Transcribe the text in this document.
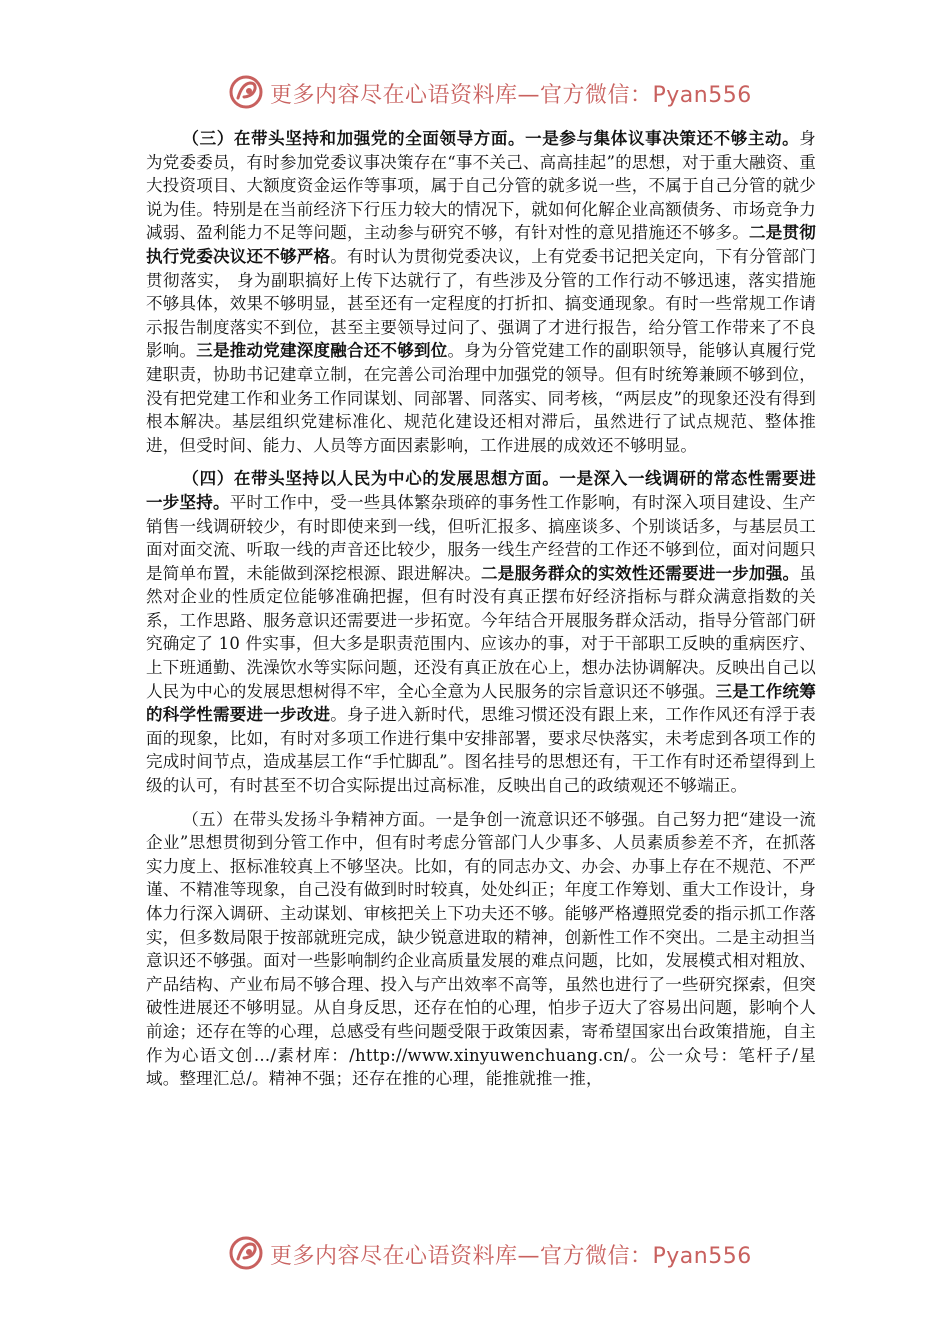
更多内容尽在心语资料库—官方微信：Pyan556

（三）在带头坚持和加强党的全面领导方面。一是参与集体议事决策还不够主动。身为党委委员，有时参加党委议事决策存在“事不关己、高高挂起”的思想，对于重大融资、重大投资项目、大额度资金运作等事项，属于自己分管的就多说一些，不属于自己分管的就少说为佳。特别是在当前经济下行压力较大的情况下，就如何化解企业高额债务、市场竞争力减弱、盈利能力不足等问题，主动参与研究不够，有针对性的意见措施还不够多。二是贯彻执行党委决议还不够严格。有时认为贯彻党委决议，上有党委书记把关定向，下有分管部门贯彻落实， 身为副职搞好上传下达就行了，有些涉及分管的工作行动不够迅速，落实措施不够具体，效果不够明显，甚至还有一定程度的打折扣、搞变通现象。有时一些常规工作请示报告制度落实不到位，甚至主要领导过问了、强调了才进行报告，给分管工作带来了不良影响。三是推动党建深度融合还不够到位。身为分管党建工作的副职领导，能够认真履行党建职责，协助书记建章立制，在完善公司治理中加强党的领导。但有时统筹兼顾不够到位，没有把党建工作和业务工作同谋划、同部署、同落实、同考核，“两层皮”的现象还没有得到根本解决。基层组织党建标准化、规范化建设还相对滞后，虽然进行了试点规范、整体推进，但受时间、能力、人员等方面因素影响，工作进展的成效还不够明显。

（四）在带头坚持以人民为中心的发展思想方面。一是深入一线调研的常态性需要进一步坚持。平时工作中，受一些具体繁杂琐碎的事务性工作影响，有时深入项目建设、生产销售一线调研较少，有时即使来到一线，但听汇报多、搞座谈多、个别谈话多，与基层员工面对面交流、听取一线的声音还比较少，服务一线生产经营的工作还不够到位，面对问题只是简单布置，未能做到深挖根源、跟进解决。二是服务群众的实效性还需要进一步加强。虽然对企业的性质定位能够准确把握，但有时没有真正摆布好经济指标与群众满意指数的关系，工作思路、服务意识还需要进一步拓宽。今年结合开展服务群众活动，指导分管部门研究确定了 10 件实事，但大多是职责范围内、应该办的事，对于干部职工反映的重病医疗、上下班通勤、洗澡饮水等实际问题，还没有真正放在心上，想办法协调解决。反映出自己以人民为中心的发展思想树得不牢，全心全意为人民服务的宗旨意识还不够强。三是工作统筹的科学性需要进一步改进。身子进入新时代，思维习惯还没有跟上来，工作作风还有浮于表面的现象，比如，有时对多项工作进行集中安排部署，要求尽快落实，未考虑到各项工作的完成时间节点，造成基层工作“手忙脚乱”。图名挂号的思想还有，干工作有时还希望得到上级的认可，有时甚至不切合实际提出过高标准，反映出自己的政绩观还不够端正。

（五）在带头发扬斗争精神方面。一是争创一流意识还不够强。自己努力把“建设一流企业”思想贯彻到分管工作中，但有时考虑分管部门人少事多、人员素质参差不齐，在抓落实力度上、抠标准较真上不够坚决。比如，有的同志办文、办会、办事上存在不规范、不严谨、不精准等现象，自己没有做到时时较真，处处纠正；年度工作筹划、重大工作设计，身体力行深入调研、主动谋划、审核把关上下功夫还不够。能够严格遵照党委的指示抓工作落实，但多数局限于按部就班完成，缺少锐意进取的精神，创新性工作不突出。二是主动担当意识还不够强。面对一些影响制约企业高质量发展的难点问题，比如，发展模式相对粗放、产品结构、产业布局不够合理、投入与产出效率不高等，虽然也进行了一些研究探索，但突破性进展还不够明显。从自身反思，还存在怕的心理，怕步子迈大了容易出问题，影响个人前途；还存在等的心理，总感受有些问题受限于政策因素，寄希望国家出台政策措施，自主作为心语文创…/素材库：/http://www.xinyuwenchuang.cn/。公一众号：笔杆子/星域。整理汇总/。精神不强；还存在推的心理，能推就推一推，

更多内容尽在心语资料库—官方微信：Pyan556
